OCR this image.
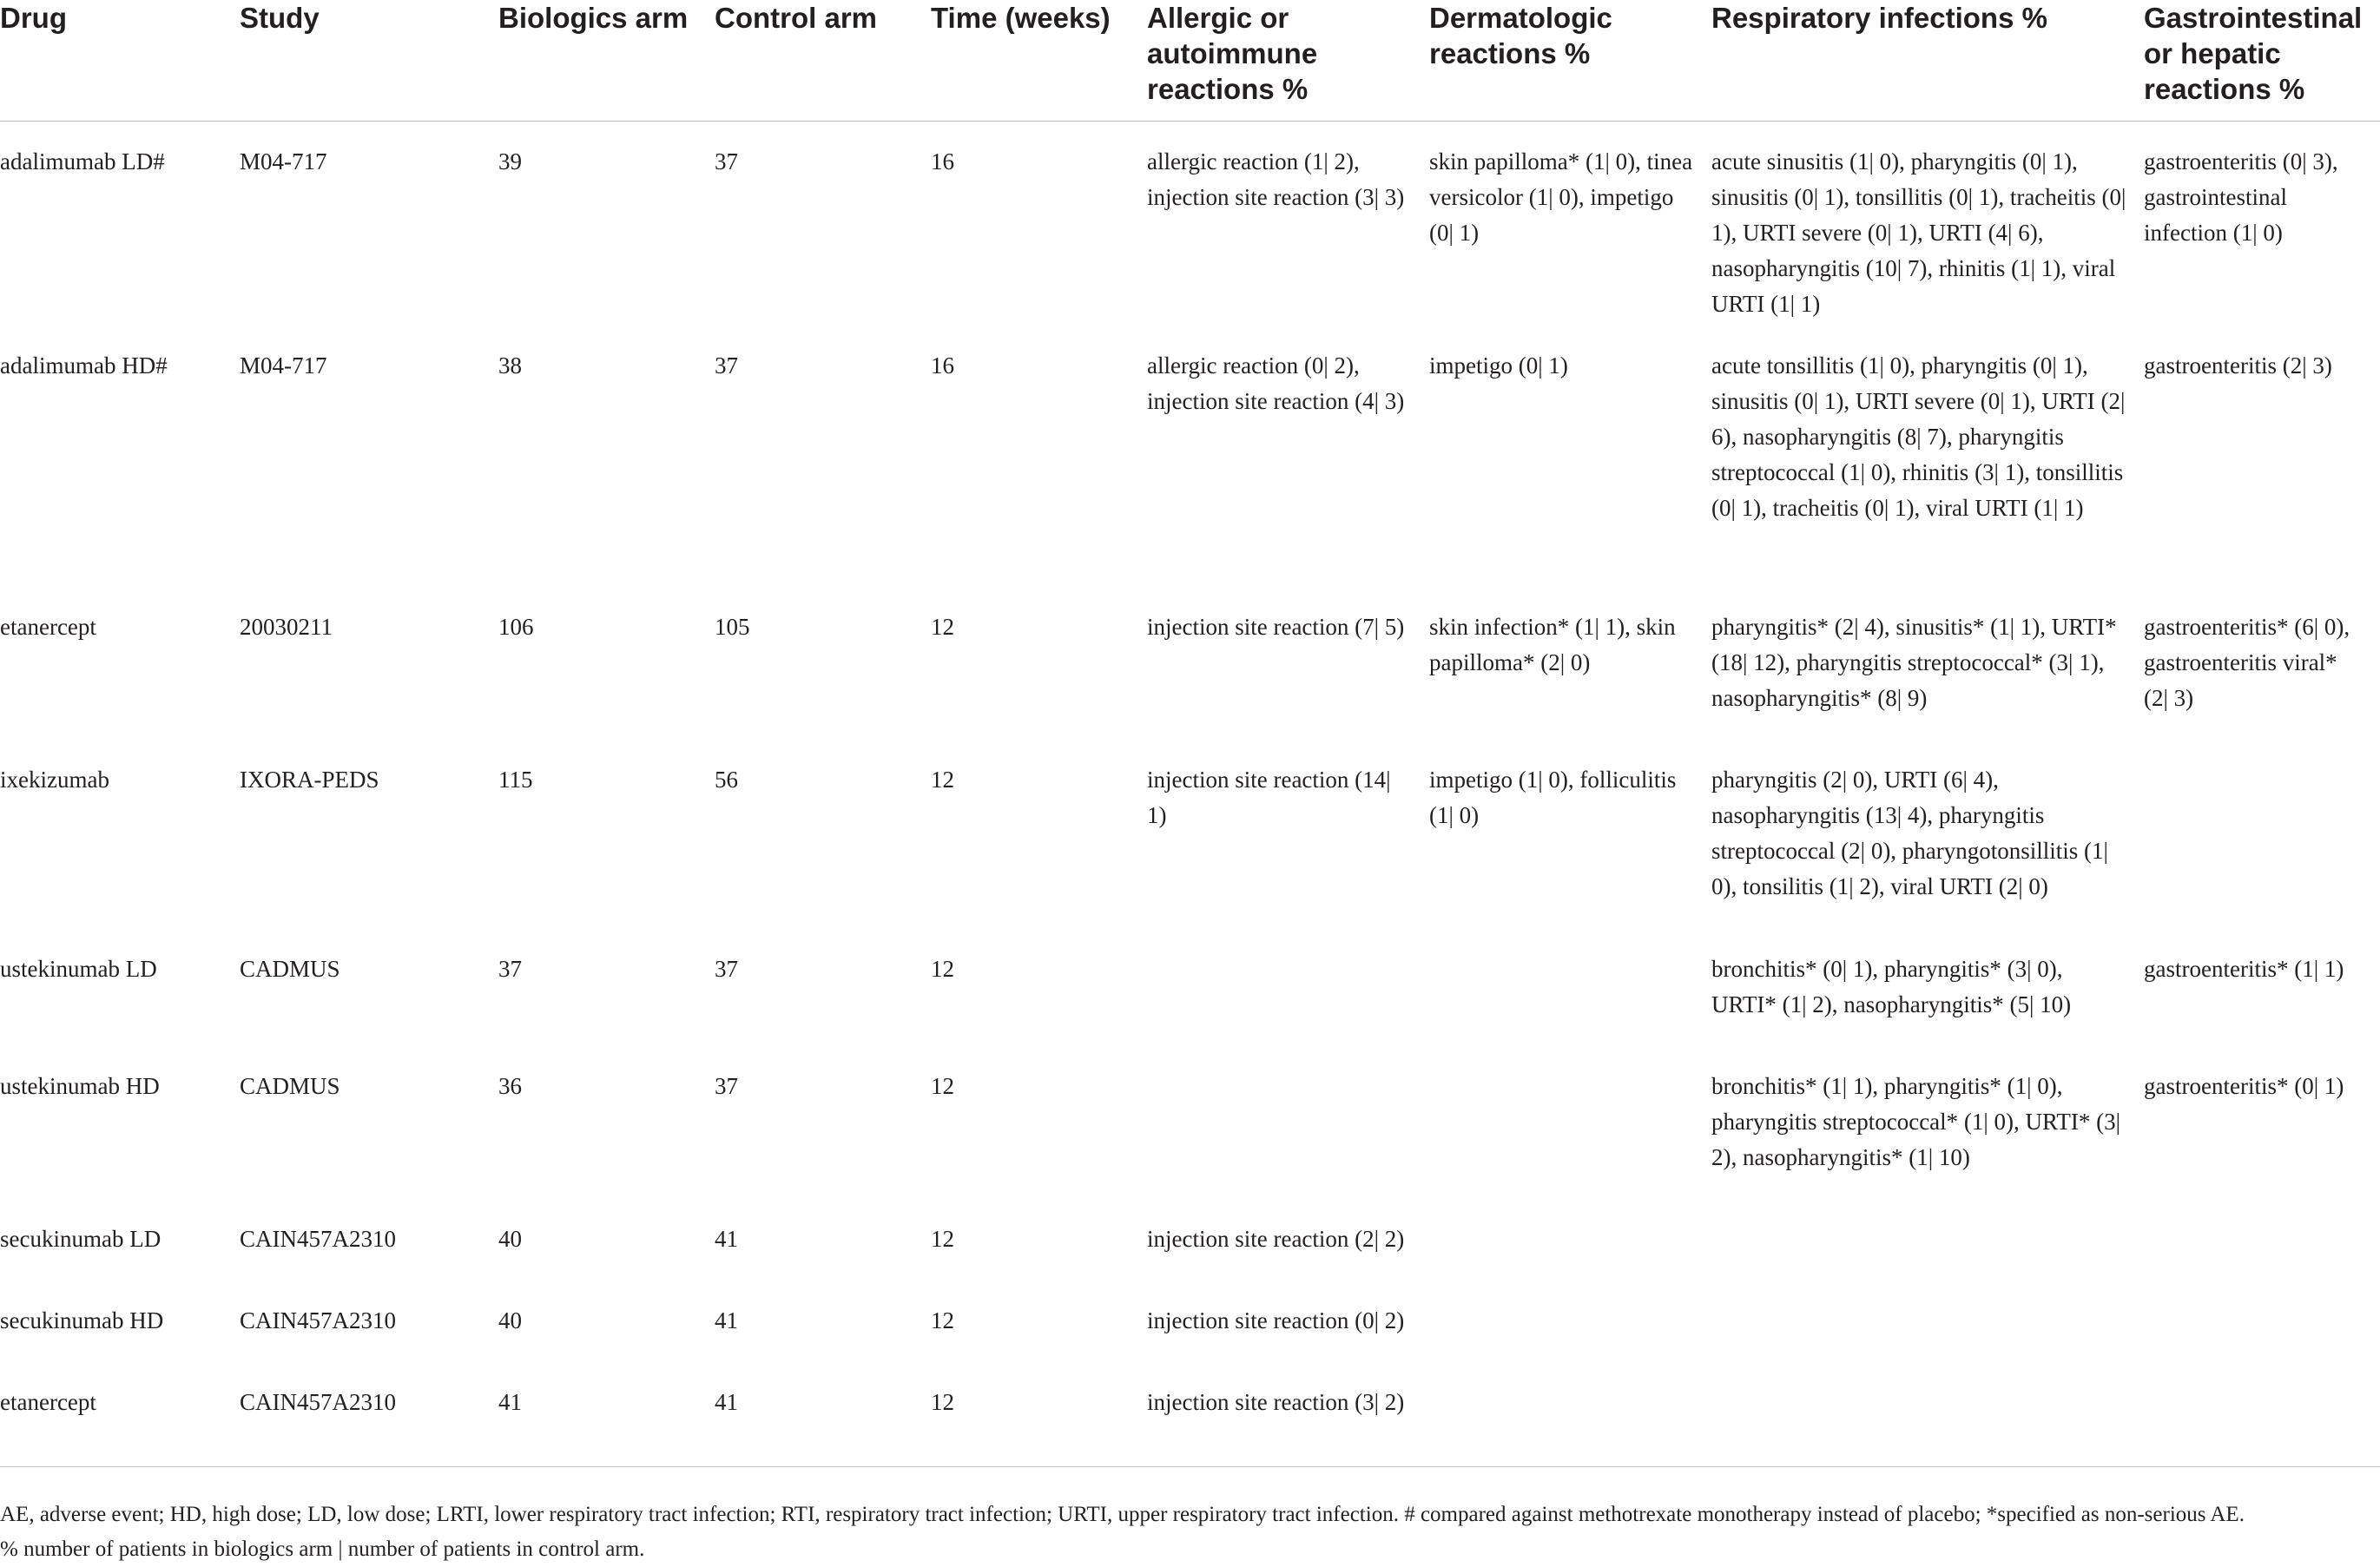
Drug	Study	Biologics arm	Control arm	Time (weeks)	Allergic or autoimmune reactions %	Dermatologic reactions %	Respiratory infections %	Gastrointestinal or hepatic reactions %
adalimumab LD#	M04-717	39	37	16	allergic reaction (1| 2), injection site reaction (3| 3)	skin papilloma* (1| 0), tinea versicolor (1| 0), impetigo (0| 1)	acute sinusitis (1| 0), pharyngitis (0| 1), sinusitis (0| 1), tonsillitis (0| 1), tracheitis (0| 1), URTI severe (0| 1), URTI (4| 6), nasopharyngitis (10| 7), rhinitis (1| 1), viral URTI (1| 1)	gastroenteritis (0| 3), gastrointestinal infection (1| 0)
adalimumab HD#	M04-717	38	37	16	allergic reaction (0| 2), injection site reaction (4| 3)	impetigo (0| 1)	acute tonsillitis (1| 0), pharyngitis (0| 1), sinusitis (0| 1), URTI severe (0| 1), URTI (2| 6), nasopharyngitis (8| 7), pharyngitis streptococcal (1| 0), rhinitis (3| 1), tonsillitis (0| 1), tracheitis (0| 1), viral URTI (1| 1)	gastroenteritis (2| 3)
etanercept	20030211	106	105	12	injection site reaction (7| 5)	skin infection* (1| 1), skin papilloma* (2| 0)	pharyngitis* (2| 4), sinusitis* (1| 1), URTI* (18| 12), pharyngitis streptococcal* (3| 1), nasopharyngitis* (8| 9)	gastroenteritis* (6| 0), gastroenteritis viral* (2| 3)
ixekizumab	IXORA-PEDS	115	56	12	injection site reaction (14| 1)	impetigo (1| 0), folliculitis (1| 0)	pharyngitis (2| 0), URTI (6| 4), nasopharyngitis (13| 4), pharyngitis streptococcal (2| 0), pharyngotonsillitis (1| 0), tonsilitis (1| 2), viral URTI (2| 0)	
ustekinumab LD	CADMUS	37	37	12			bronchitis* (0| 1), pharyngitis* (3| 0), URTI* (1| 2), nasopharyngitis* (5| 10)	gastroenteritis* (1| 1)
ustekinumab HD	CADMUS	36	37	12			bronchitis* (1| 1), pharyngitis* (1| 0), pharyngitis streptococcal* (1| 0), URTI* (3| 2), nasopharyngitis* (1| 10)	gastroenteritis* (0| 1)
secukinumab LD	CAIN457A2310	40	41	12	injection site reaction (2| 2)			
secukinumab HD	CAIN457A2310	40	41	12	injection site reaction (0| 2)			
etanercept	CAIN457A2310	41	41	12	injection site reaction (3| 2)			

AE, adverse event; HD, high dose; LD, low dose; LRTI, lower respiratory tract infection; RTI, respiratory tract infection; URTI, upper respiratory tract infection. # compared against methotrexate monotherapy instead of placebo; *specified as non-serious AE.

% number of patients in biologics arm | number of patients in control arm.
